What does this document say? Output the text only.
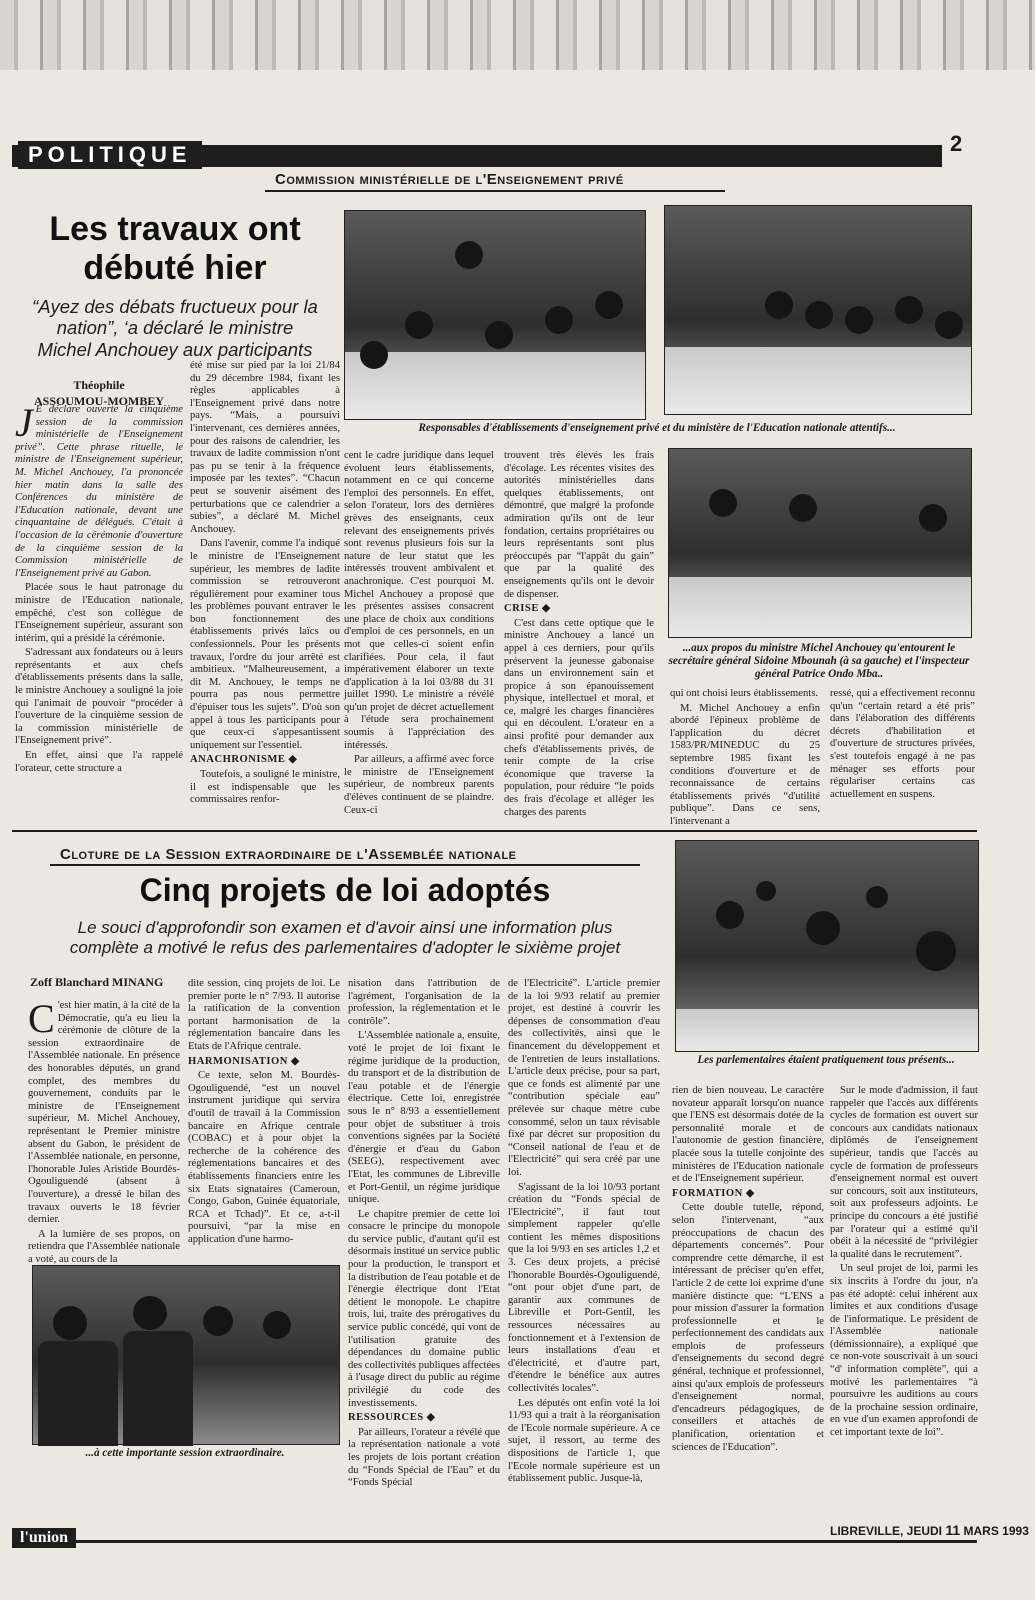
POLITIQUE	2
Commission ministérielle de l'Enseignement privé
Les travaux ont
débuté hier
“Ayez des débats fructueux pour la
nation”, ‘a déclaré le ministre
Michel Anchouey aux participants
Théophile
ASSOUMOU-MOMBEY
Responsables d'établissements d'enseignement privé et du ministère de l'Education nationale attentifs...
...aux propos du ministre Michel Anchouey qu'entourent le secrétaire général Sidoine Mbounah (à sa gauche) et l'inspecteur général Patrice Ondo Mba..

J E déclare ouverte la cinquième session de la commission ministérielle de l'Enseignement privé”. Cette phrase rituelle, le ministre de l'Enseignement supérieur, M. Michel Anchouey, l'a prononcée hier matin dans la salle des Conférences du ministère de l'Education nationale, devant une cinquantaine de délégués. C'était à l'occasion de la cérémonie d'ouverture de la cinquième session de la Commission ministérielle de l'Enseignement privé au Gabon.

Placée sous le haut patronage du ministre de l'Education nationale, empêché, c'est son collègue de l'Enseignement supérieur, assurant son intérim, qui a présidé la cérémonie.

S'adressant aux fondateurs ou à leurs représentants et aux chefs d'établissements présents dans la salle, le ministre Anchouey a souligné la joie qui l'animait de pouvoir “procéder à l'ouverture de la cinquième session de la commission ministérielle de l'Enseignement privé”.

En effet, ainsi que l'a rappelé l'orateur, cette structure a

été mise sur pied par la loi 21/84 du 29 décembre 1984, fixant les règles applicables à l'Enseignement privé dans notre pays. “Mais, a poursuivi l'intervenant, ces dernières années, pour des raisons de calendrier, les travaux de ladite commission n'ont pas pu se tenir à la fréquence imposée par les textes”. “Chacun peut se souvenir aisément des perturbations que ce calendrier a subies”, a déclaré M. Michel Anchouey.

Dans l'avenir, comme l'a indiqué le ministre de l'Enseignement supérieur, les membres de ladite commission se retrouveront régulièrement pour examiner tous les problèmes pouvant entraver le bon fonctionnement des établissements privés laïcs ou confessionnels. Pour les présents travaux, l'ordre du jour arrêté est ambitieux. “Malheureusement, a dit M. Anchouey, le temps ne pourra pas nous permettre d'épuiser tous les sujets”. D'où son appel à tous les participants pour que ceux-ci s'appesantissent uniquement sur l'essentiel.

ANACHRONISME ◆

Toutefois, a souligné le ministre, il est indispensable que les commissaires renfor-

cent le cadre juridique dans lequel évoluent leurs établissements, notamment en ce qui concerne l'emploi des personnels. En effet, selon l'orateur, lors des dernières grèves des enseignants, ceux relevant des enseignements privés sont revenus plusieurs fois sur la nature de leur statut que les intéressés trouvent ambivalent et anachronique. C'est pourquoi M. Michel Anchouey a proposé que les présentes assises consacrent une place de choix aux conditions d'emploi de ces personnels, en un mot que celles-ci soient enfin clarifiées. Pour cela, il faut impérativement élaborer un texte d'application à la loi 03/88 du 31 juillet 1990. Le ministre a révélé qu'un projet de décret actuellement à l'étude sera prochainement soumis à l'appréciation des intéressés.

Par ailleurs, a affirmé avec force le ministre de l'Enseignement supérieur, de nombreux parents d'élèves continuent de se plaindre. Ceux-ci

trouvent très élevés les frais d'écolage. Les récentes visites des autorités ministérielles dans quelques établissements, ont démontré, que malgré la profonde admiration qu'ils ont de leur fondation, certains propriétaires ou leurs représentants sont plus préoccupés par “l'appât du gain” que par la qualité des enseignements qu'ils ont le devoir de dispenser.

CRISE ◆

C'est dans cette optique que le ministre Anchouey a lancé un appel à ces derniers, pour qu'ils préservent la jeunesse gabonaise dans un environnement sain et propice à son épanouissement physique, intellectuel et moral, et ce, malgré les charges financières qui en découlent. L'orateur en a ainsi profité pour demander aux chefs d'établissements privés, de tenir compte de la crise économique que traverse la population, pour réduire “le poids des frais d'écolage et alléger les charges des parents

qui ont choisi leurs établissements.

M. Michel Anchouey a enfin abordé l'épineux problème de l'application du décret 1583/PR/MINEDUC du 25 septembre 1985 fixant les conditions d'ouverture et de reconnaissance de certains établissements privés “d'utilité publique”. Dans ce sens, l'intervenant a

ressé, qui a effectivement reconnu qu'un “certain retard a été pris” dans l'élaboration des différents décrets d'habilitation et d'ouverture de structures privées, s'est toutefois engagé à ne pas ménager ses efforts pour régulariser certains cas actuellement en suspens.

Cloture de la Session extraordinaire de l'Assemblée nationale
Cinq projets de loi adoptés
Le souci d'approfondir son examen et d'avoir ainsi une information plus
complète a motivé le refus des parlementaires d'adopter le sixième projet
Zoff Blanchard MINANG
Les parlementaires étaient pratiquement tous présents...
...à cette importante session extraordinaire.

C 'est hier matin, à la cité de la Démocratie, qu'a eu lieu la cérémonie de clôture de la session extraordinaire de l'Assemblée nationale. En présence des honorables députés, un grand complet, des membres du gouvernement, conduits par le ministre de l'Enseignement supérieur, M. Michel Anchouey, représentant le Premier ministre absent du Gabon, le président de l'Assemblée nationale, en personne, l'honorable Jules Aristide Bourdès-Ogouliguendé (absent à l'ouverture), a dressé le bilan des travaux ouverts le 18 février dernier.

A la lumière de ses propos, on retiendra que l'Assemblée nationale a voté, au cours de la

dite session, cinq projets de loi. Le premier porte le n° 7/93. Il autorise la ratification de la convention portant harmonisation de la réglementation bancaire dans les Etats de l'Afrique centrale.

HARMONISATION ◆

Ce texte, selon M. Bourdès-Ogouliguendé, “est un nouvel instrument juridique qui servira d'outil de travail à la Commission bancaire en Afrique centrale (COBAC) et à pour objet la recherche de la cohérence des réglementations bancaires et des établissements financiers entre les six Etats signataires (Cameroun, Congo, Gabon, Guinée équatoriale, RCA et Tchad)”. Et ce, a-t-il poursuivi, “par la mise en application d'une harmo-

nisation dans l'attribution de l'agrément, l'organisation de la profession, la réglementation et le contrôle”.

L'Assemblée nationale a, ensuite, voté le projet de loi fixant le régime juridique de la production, du transport et de la distribution de l'eau potable et de l'énergie électrique. Cette loi, enregistrée sous le n° 8/93 a essentiellement pour objet de substituer à trois conventions signées par la Société d'énergie et d'eau du Gabon (SEEG), respectivement avec l'Etat, les communes de Libreville et Port-Gentil, un régime juridique unique.

Le chapitre premier de cette loi consacre le principe du monopole du service public, d'autant qu'il est désormais institué un service public pour la production, le transport et la distribution de l'eau potable et de l'énergie électrique dont l'Etat détient le monopole. Le chapitre trois, lui, traite des prérogatives du service public concédé, qui vont de l'utilisation gratuite des dépendances du domaine public des collectivités publiques affectées à l'usage direct du public au régime privilégié du code des investissements.

RESSOURCES ◆

Par ailleurs, l'orateur a révélé que la représentation nationale a voté les projets de lois portant création du “Fonds Spécial de l'Eau” et du “Fonds Spécial

de l'Electricité”. L'article premier de la loi 9/93 relatif au premier projet, est destiné à couvrir les dépenses de consommation d'eau des collectivités, ainsi que le financement du développement et de l'entretien de leurs installations. L'article deux précise, pour sa part, que ce fonds est alimenté par une “contribution spéciale eau” prélevée sur chaque mètre cube consommé, selon un taux révisable fixé par décret sur proposition du “Conseil national de l'eau et de l'Electricité” qui sera créé par une loi.

S'agissant de la loi 10/93 portant création du “Fonds spécial de l'Electricité”, il faut tout simplement rappeler qu'elle contient les mêmes dispositions que la loi 9/93 en ses articles 1,2 et 3. Ces deux projets, a précisé l'honorable Bourdès-Ogouliguendé, “ont pour objet d'une part, de garantir aux communes de Libreville et Port-Gentil, les ressources nécessaires au fonctionnement et à l'extension de leurs installations d'eau et d'électricité, et d'autre part, d'étendre le bénéfice aux autres collectivités locales”.

Les députés ont enfin voté la loi 11/93 qui a trait à la réorganisation de l'Ecole normale supérieure. A ce sujet, il ressort, au terme des dispositions de l'article 1, que l'Ecole normale supérieure est un établissement public. Jusque-là,

rien de bien nouveau. Le caractère novateur apparaît lorsqu'on nuance que l'ENS est désormais dotée de la personnalité morale et de l'autonomie de gestion financière, placée sous la tutelle conjointe des ministères de l'Education nationale et de l'Enseignement supérieur.

FORMATION ◆

Cette double tutelle, répond, selon l'intervenant, “aux préoccupations de chacun des départements concernés”. Pour comprendre cette démarche, il est intéressant de préciser qu'en effet, l'article 2 de cette loi exprime d'une manière distincte que: “L'ENS a pour mission d'assurer la formation professionnelle et le perfectionnement des candidats aux emplois de professeurs d'enseignements du second degré général, technique et professionnel, ainsi qu'aux emplois de professeurs d'enseignement normal, d'encadreurs pédagogiques, de conseillers et attachés de planification, orientation et sciences de l'Education”.

Sur le mode d'admission, il faut rappeler que l'accès aux différents cycles de formation est ouvert sur concours aux candidats nationaux diplômés de l'enseignement supérieur, tandis que l'accès au cycle de formation de professeurs d'enseignement normal est ouvert sur concours, soit aux instituteurs, soit aux professeurs adjoints. Le principe du concours a été justifié par l'orateur qui a estimé qu'il obéit à la nécessité de “privilégier la qualité dans le recrutement”.

Un seul projet de loi, parmi les six inscrits à l'ordre du jour, n'a pas été adopté: celui inhérent aux limites et aux conditions d'usage de l'informatique. Le président de l'Assemblée nationale (démissionnaire), a expliqué que ce non-vote souscrivait à un souci “d' information complète”, qui a motivé les parlementaires “à poursuivre les auditions au cours de la prochaine session ordinaire, en vue d'un examen approfondi de cet important texte de loi”.

l'union	LIBREVILLE, JEUDI 11 MARS 1993
